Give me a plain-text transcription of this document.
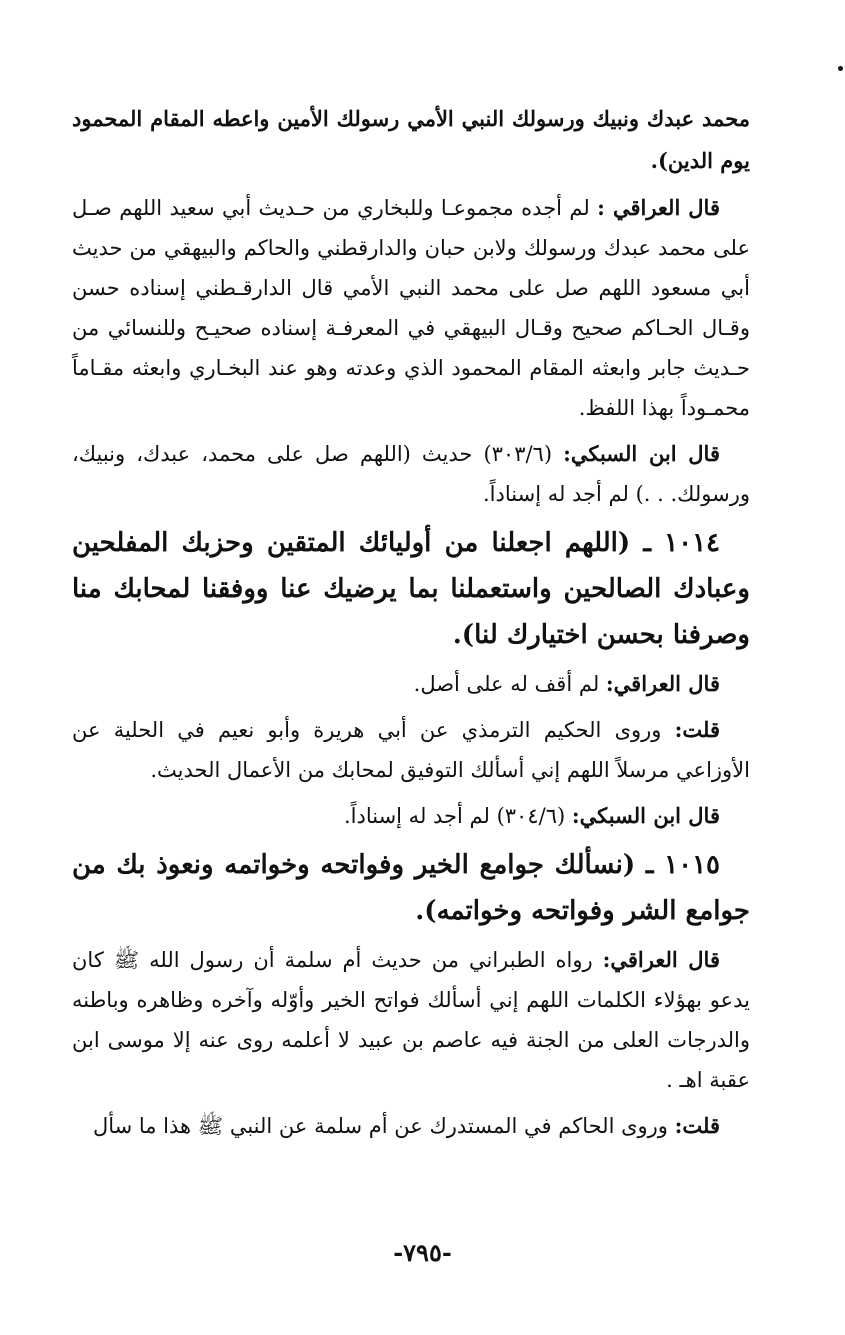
محمد عبدك ونبيك ورسولك النبي الأمي رسولك الأمين واعطه المقام المحمود يوم الدين).

قال العراقي : لم أجده مجموعـا وللبخاري من حـديث أبي سعيد اللهم صـل على محمد عبدك ورسولك ولابن حبان والدارقطني والحاكم والبيهقي من حديث أبي مسعود اللهم صل على محمد النبي الأمي قال الدارقـطني إسناده حسن وقـال الحـاكم صحيح وقـال البيهقي في المعرفـة إسناده صحيـح وللنسائي من حـديث جابر وابعثه المقام المحمود الذي وعدته وهو عند البخـاري وابعثه مقـاماً محمـوداً بهذا اللفظ.

قال ابن السبكي: (٣٠٣/٦) حديث (اللهم صل على محمد، عبدك، ونبيك، ورسولك. . .) لم أجد له إسناداً.

١٠١٤ ـ (اللهم اجعلنا من أوليائك المتقين وحزبك المفلحين وعبادك الصالحين واستعملنا بما يرضيك عنا ووفقنا لمحابك منا وصرفنا بحسن اختيارك لنا).

قال العراقي: لم أقف له على أصل.

قلت: وروى الحكيم الترمذي عن أبي هريرة وأبو نعيم في الحلية عن الأوزاعي مرسلاً اللهم إني أسألك التوفيق لمحابك من الأعمال الحديث.

قال ابن السبكي: (٣٠٤/٦) لم أجد له إسناداً.

١٠١٥ ـ (نسألك جوامع الخير وفواتحه وخواتمه ونعوذ بك من جوامع الشر وفواتحه وخواتمه).

قال العراقي: رواه الطبراني من حديث أم سلمة أن رسول الله ﷺ كان يدعو بهؤلاء الكلمات اللهم إني أسألك فواتح الخير وأوّله وآخره وظاهره وباطنه والدرجات العلى من الجنة فيه عاصم بن عبيد لا أعلمه روى عنه إلا موسى ابن عقبة اهـ .

قلت: وروى الحاكم في المستدرك عن أم سلمة عن النبي ﷺ هذا ما سأل

-٧٩٥-
